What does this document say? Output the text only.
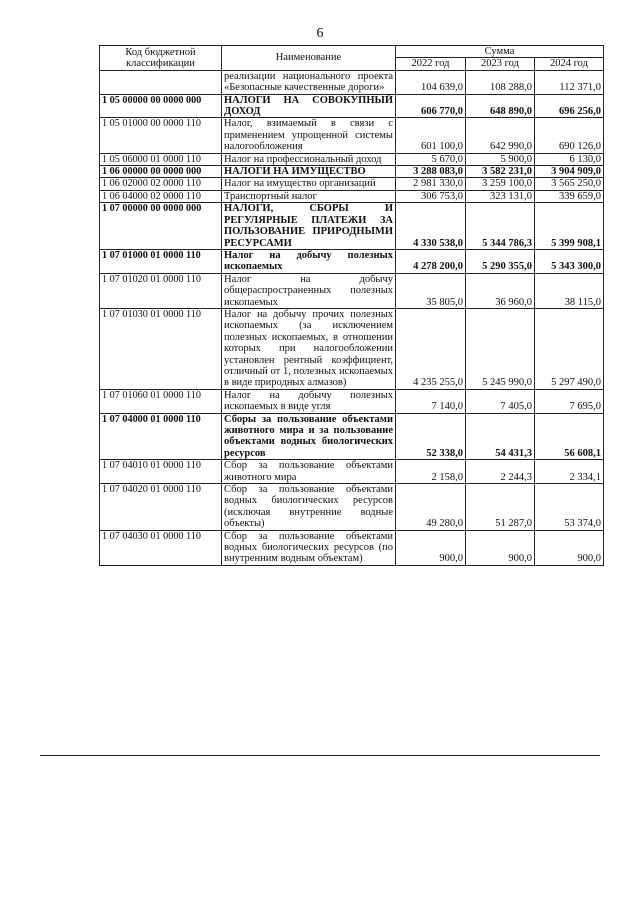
6
Код бюджетной классификации	Наименование	Сумма		
		2022 год	2023 год	2024 год
	реализации национального проекта «Безопасные качественные дороги»	104 639,0	108 288,0	112 371,0
1 05 00000 00 0000 000	НАЛОГИ НА СОВОКУПНЫЙ ДОХОД	606 770,0	648 890,0	696 256,0
1 05 01000 00 0000 110	Налог, взимаемый в связи с применением упрощенной системы налогообложения	601 100,0	642 990,0	690 126,0
1 05 06000 01 0000 110	Налог на профессиональный доход	5 670,0	5 900,0	6 130,0
1 06 00000 00 0000 000	НАЛОГИ НА ИМУЩЕСТВО	3 288 083,0	3 582 231,0	3 904 909,0
1 06 02000 02 0000 110	Налог на имущество организаций	2 981 330,0	3 259 100,0	3 565 250,0
1 06 04000 02 0000 110	Транспортный налог	306 753,0	323 131,0	339 659,0
1 07 00000 00 0000 000	НАЛОГИ, СБОРЫ И РЕГУЛЯРНЫЕ ПЛАТЕЖИ ЗА ПОЛЬЗОВАНИЕ ПРИРОДНЫМИ РЕСУРСАМИ	4 330 538,0	5 344 786,3	5 399 908,1
1 07 01000 01 0000 110	Налог на добычу полезных ископаемых	4 278 200,0	5 290 355,0	5 343 300,0
1 07 01020 01 0000 110	Налог на добычу общераспространенных полезных ископаемых	35 805,0	36 960,0	38 115,0
1 07 01030 01 0000 110	Налог на добычу прочих полезных ископаемых (за исключением полезных ископаемых, в отношении которых при налогообложении установлен рентный коэффициент, отличный от 1, полезных ископаемых в виде природных алмазов)	4 235 255,0	5 245 990,0	5 297 490,0
1 07 01060 01 0000 110	Налог на добычу полезных ископаемых в виде угля	7 140,0	7 405,0	7 695,0
1 07 04000 01 0000 110	Сборы за пользование объектами животного мира и за пользование объектами водных биологических ресурсов	52 338,0	54 431,3	56 608,1
1 07 04010 01 0000 110	Сбор за пользование объектами животного мира	2 158,0	2 244,3	2 334,1
1 07 04020 01 0000 110	Сбор за пользование объектами водных биологических ресурсов (исключая внутренние водные объекты)	49 280,0	51 287,0	53 374,0
1 07 04030 01 0000 110	Сбор за пользование объектами водных биологических ресурсов (по внутренним водным объектам)	900,0	900,0	900,0
